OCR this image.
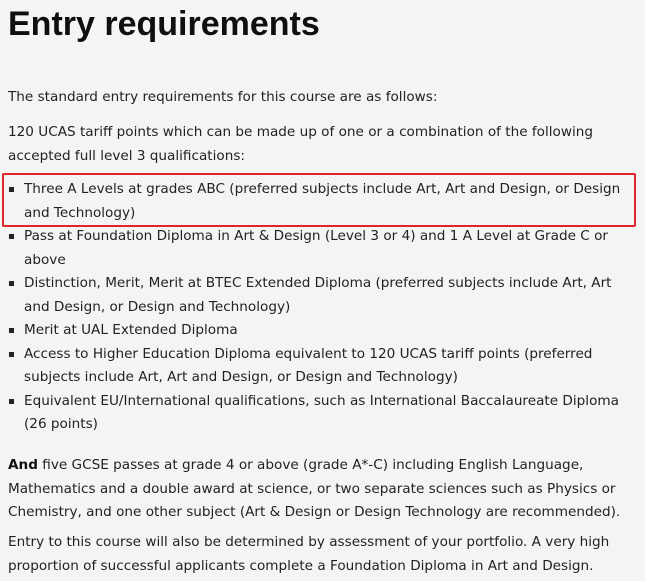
Entry requirements

The standard entry requirements for this course are as follows:

120 UCAS tariff points which can be made up of one or a combination of the following accepted full level 3 qualifications:

Three A Levels at grades ABC (preferred subjects include Art, Art and Design, or Design and Technology)
Pass at Foundation Diploma in Art & Design (Level 3 or 4) and 1 A Level at Grade C or above
Distinction, Merit, Merit at BTEC Extended Diploma (preferred subjects include Art, Art and Design, or Design and Technology)
Merit at UAL Extended Diploma
Access to Higher Education Diploma equivalent to 120 UCAS tariff points (preferred subjects include Art, Art and Design, or Design and Technology)
Equivalent EU/International qualifications, such as International Baccalaureate Diploma (26 points)

And five GCSE passes at grade 4 or above (grade A*-C) including English Language, Mathematics and a double award at science, or two separate sciences such as Physics or Chemistry, and one other subject (Art & Design or Design Technology are recommended).

Entry to this course will also be determined by assessment of your portfolio. A very high proportion of successful applicants complete a Foundation Diploma in Art and Design.
